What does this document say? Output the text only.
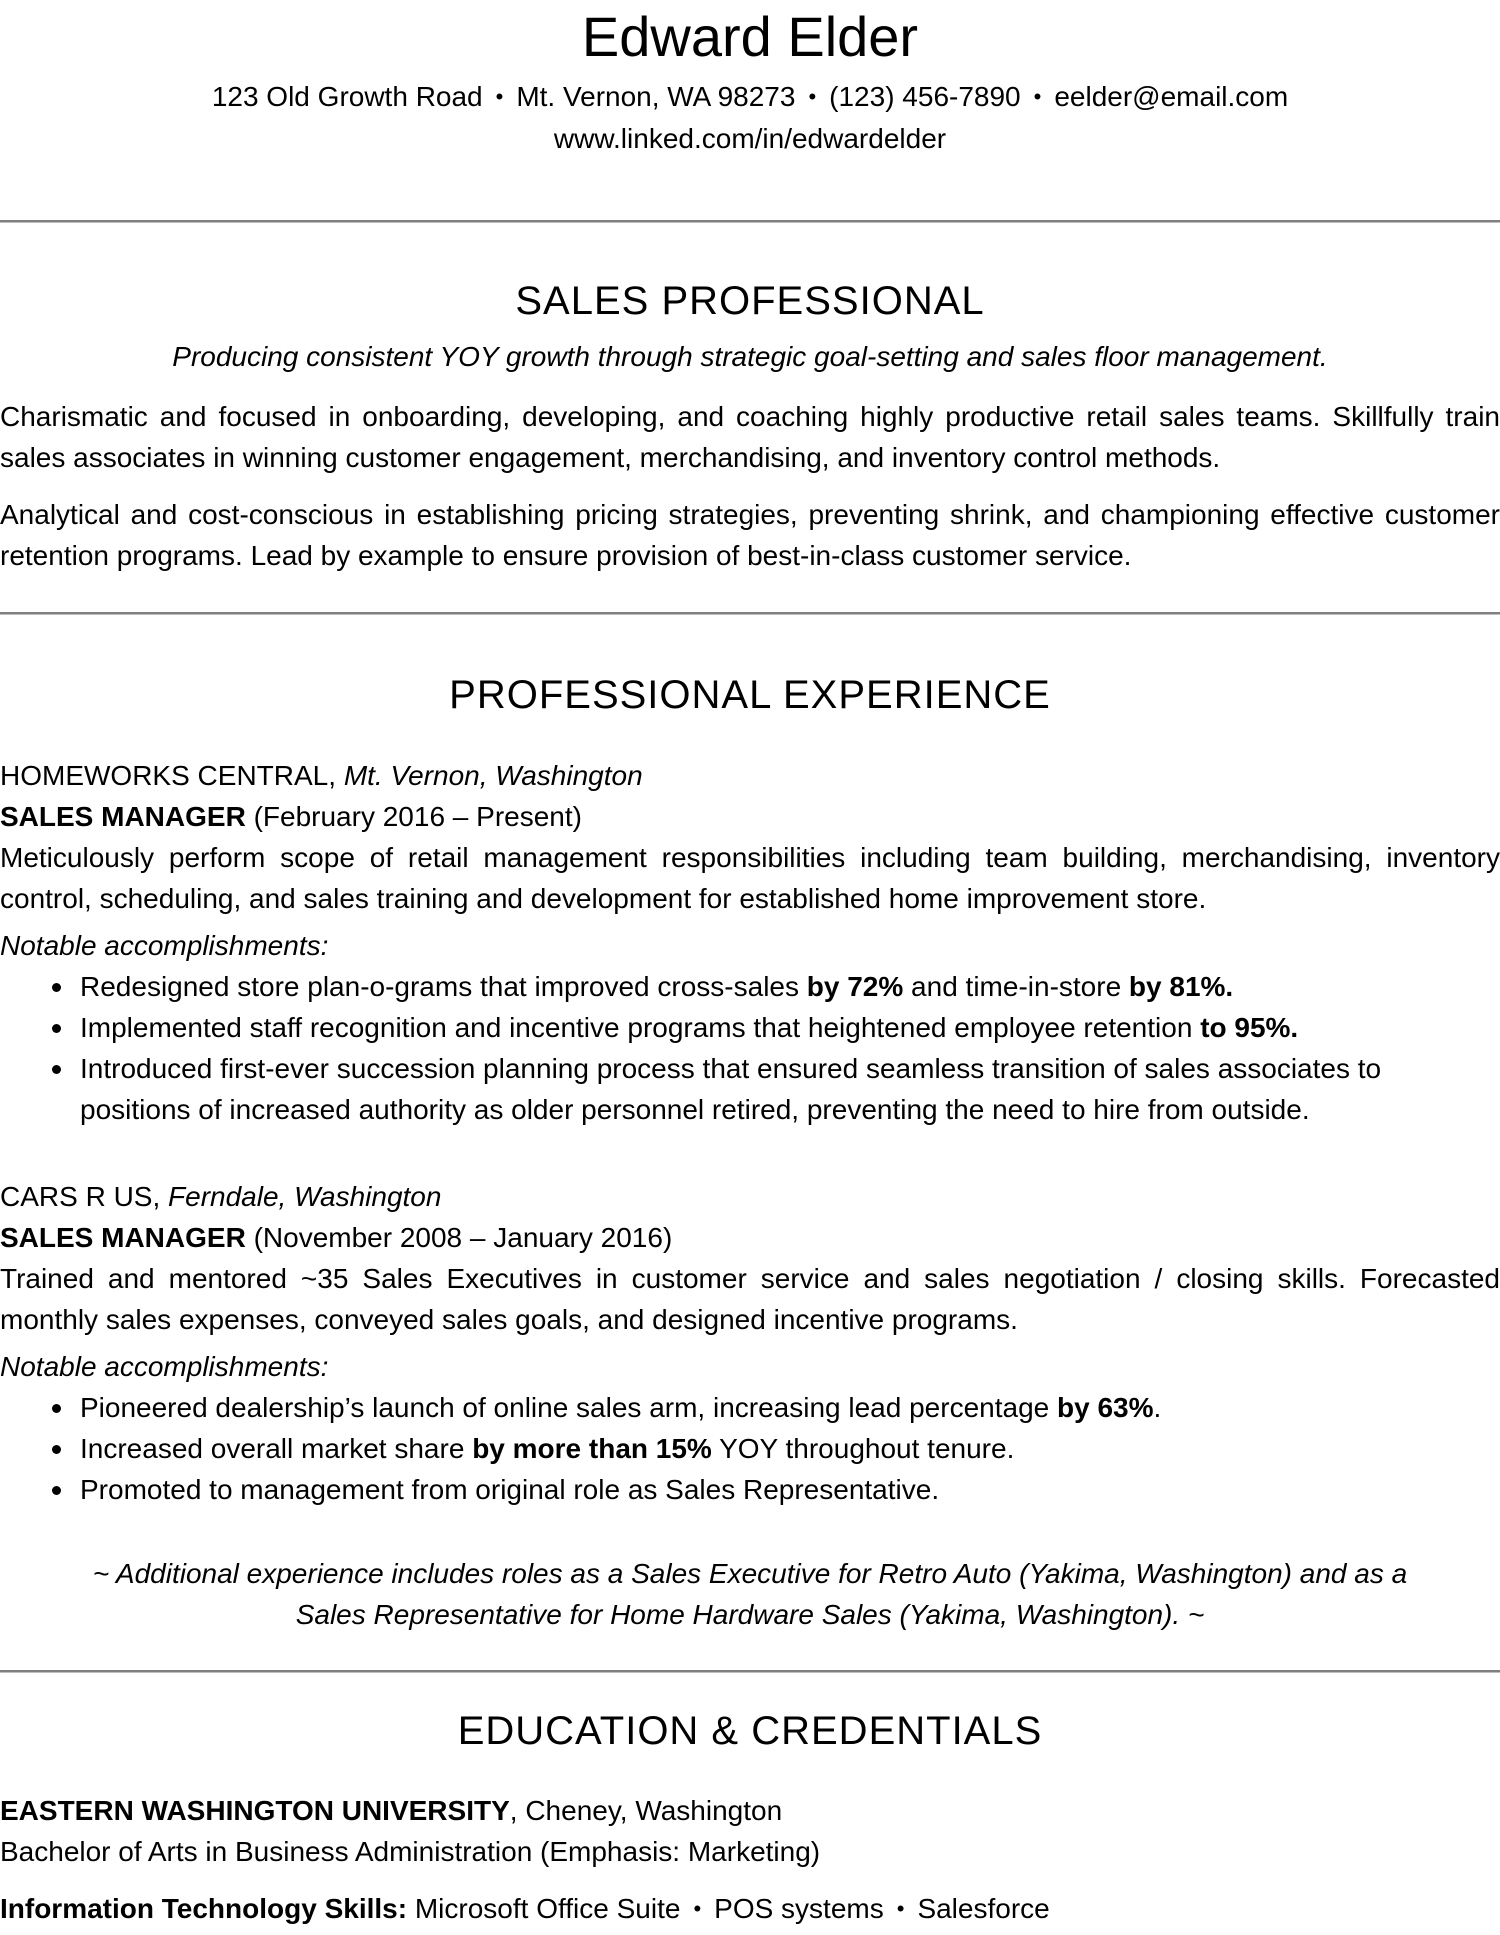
Edward Elder
123 Old Growth Road • Mt. Vernon, WA 98273 • (123) 456-7890 • eelder@email.com
www.linked.com/in/edwardelder
SALES PROFESSIONAL
Producing consistent YOY growth through strategic goal-setting and sales floor management.
Charismatic and focused in onboarding, developing, and coaching highly productive retail sales teams. Skillfully train sales associates in winning customer engagement, merchandising, and inventory control methods.
Analytical and cost-conscious in establishing pricing strategies, preventing shrink, and championing effective customer retention programs. Lead by example to ensure provision of best-in-class customer service.
PROFESSIONAL EXPERIENCE
HOMEWORKS CENTRAL, Mt. Vernon, Washington
SALES MANAGER (February 2016 – Present)
Meticulously perform scope of retail management responsibilities including team building, merchandising, inventory control, scheduling, and sales training and development for established home improvement store.
Notable accomplishments:
Redesigned store plan-o-grams that improved cross-sales by 72% and time-in-store by 81%.
Implemented staff recognition and incentive programs that heightened employee retention to 95%.
Introduced first-ever succession planning process that ensured seamless transition of sales associates to positions of increased authority as older personnel retired, preventing the need to hire from outside.
CARS R US, Ferndale, Washington
SALES MANAGER (November 2008 – January 2016)
Trained and mentored ~35 Sales Executives in customer service and sales negotiation / closing skills. Forecasted monthly sales expenses, conveyed sales goals, and designed incentive programs.
Notable accomplishments:
Pioneered dealership’s launch of online sales arm, increasing lead percentage by 63%.
Increased overall market share by more than 15% YOY throughout tenure.
Promoted to management from original role as Sales Representative.
~ Additional experience includes roles as a Sales Executive for Retro Auto (Yakima, Washington) and as a
Sales Representative for Home Hardware Sales (Yakima, Washington). ~
EDUCATION & CREDENTIALS
EASTERN WASHINGTON UNIVERSITY, Cheney, Washington
Bachelor of Arts in Business Administration (Emphasis: Marketing)
Information Technology Skills: Microsoft Office Suite • POS systems • Salesforce
